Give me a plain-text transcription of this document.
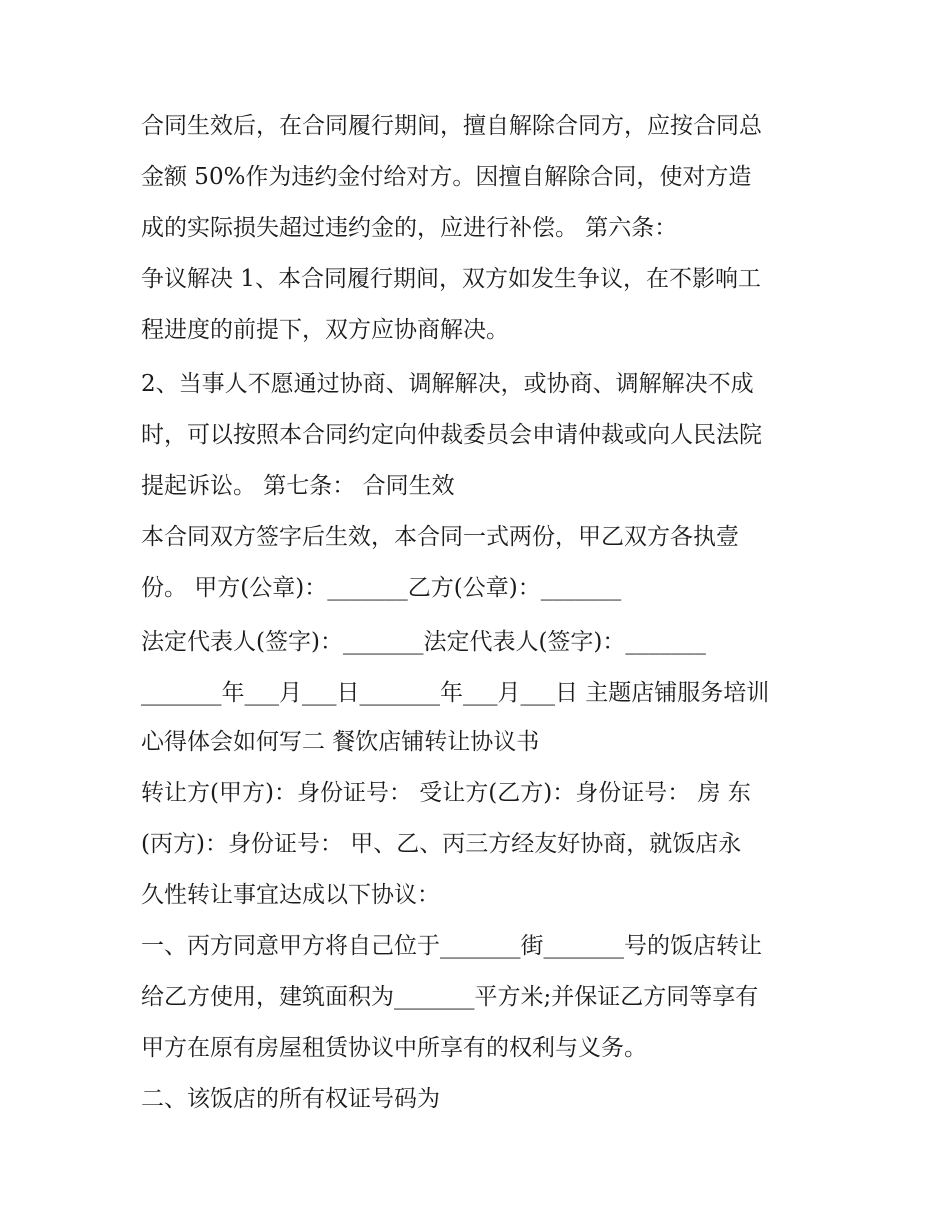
合同生效后，在合同履行期间，擅自解除合同方，应按合同总
金额 50%作为违约金付给对方。因擅自解除合同，使对方造
成的实际损失超过违约金的，应进行补偿。 第六条：
争议解决 1、本合同履行期间，双方如发生争议，在不影响工
程进度的前提下，双方应协商解决。
2、当事人不愿通过协商、调解解决，或协商、调解解决不成
时，可以按照本合同约定向仲裁委员会申请仲裁或向人民法院
提起诉讼。 第七条： 合同生效
本合同双方签字后生效，本合同一式两份，甲乙双方各执壹
份。 甲方(公章)：_______乙方(公章)：_______
法定代表人(签字)：_______法定代表人(签字)：_______
_______年___月___日_______年___月___日 主题店铺服务培训
心得体会如何写二 餐饮店铺转让协议书
转让方(甲方)：身份证号： 受让方(乙方)：身份证号： 房 东
(丙方)：身份证号： 甲、乙、丙三方经友好协商，就饭店永
久性转让事宜达成以下协议：
一、丙方同意甲方将自己位于_______街_______号的饭店转让
给乙方使用，建筑面积为_______平方米;并保证乙方同等享有
甲方在原有房屋租赁协议中所享有的权利与义务。
二、该饭店的所有权证号码为
